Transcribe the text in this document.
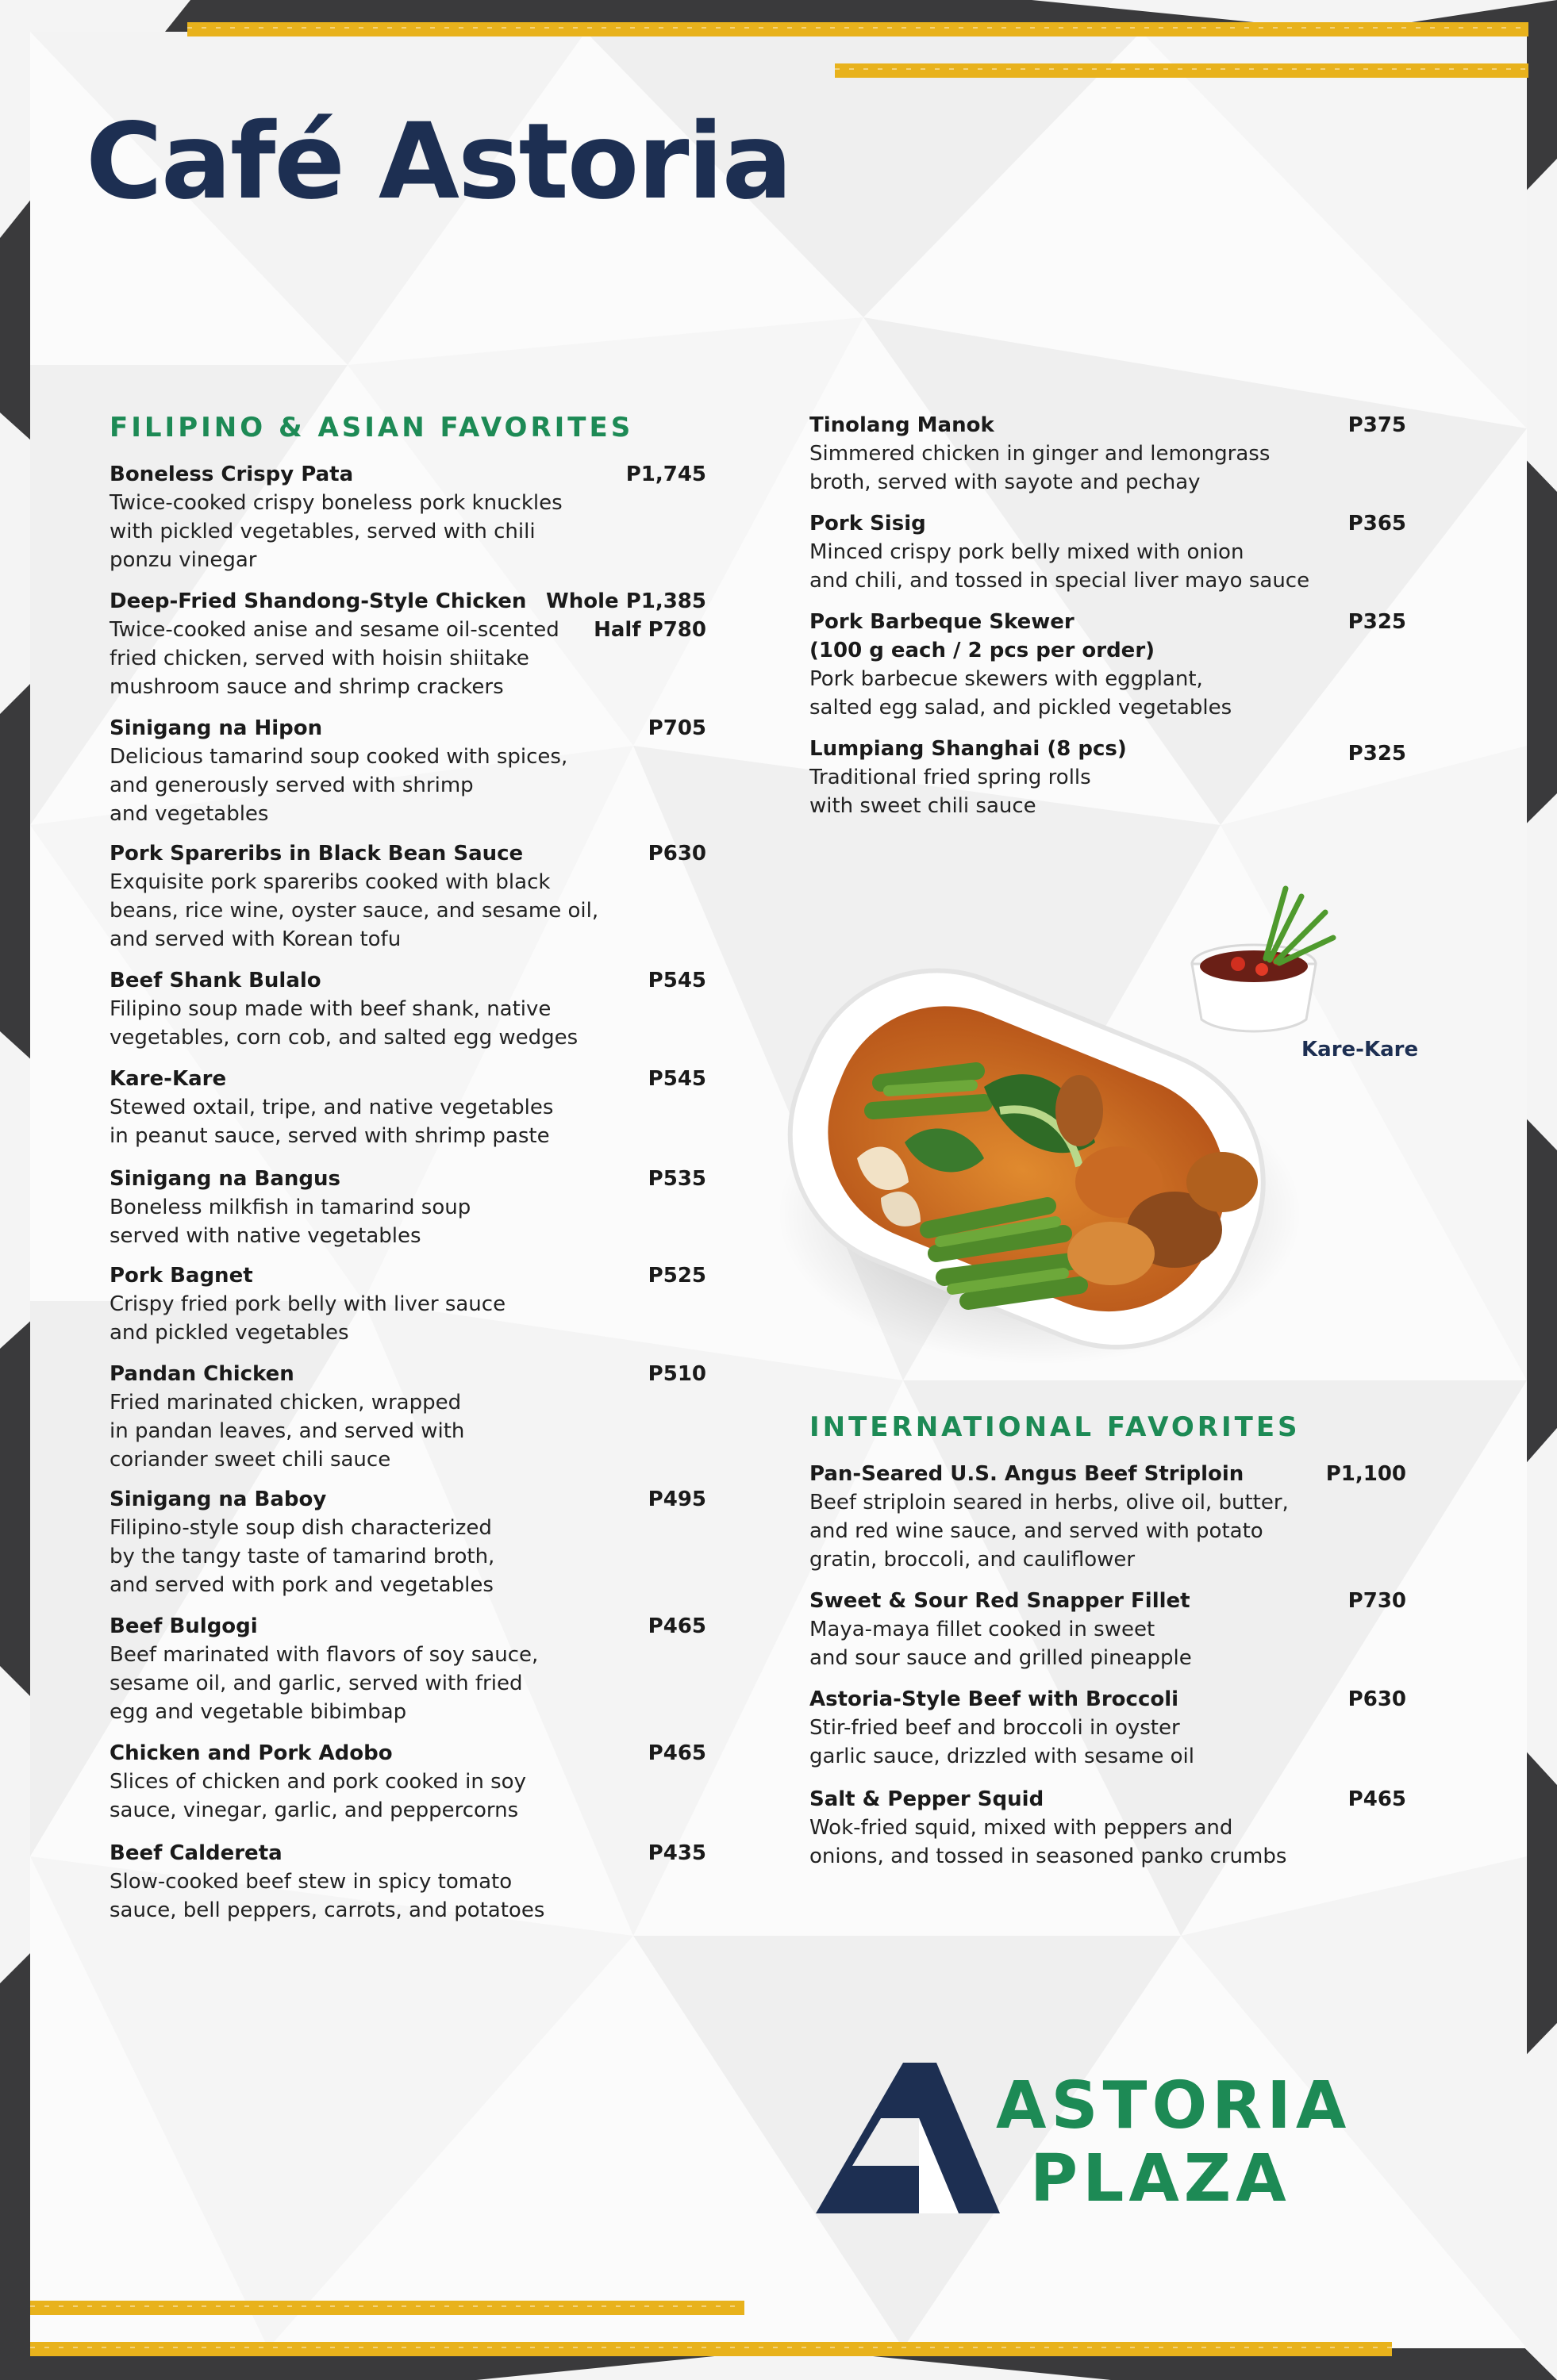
Café Astoria
FILIPINO & ASIAN FAVORITES
Boneless Crispy Pata
Twice-cooked crispy boneless pork knuckles
with pickled vegetables, served with chili
ponzu vinegar
P1,745
Deep-Fried Shandong-Style Chicken
Twice-cooked anise and sesame oil-scented
fried chicken, served with hoisin shiitake
mushroom sauce and shrimp crackers
Whole P1,385
Half P780
Sinigang na Hipon
Delicious tamarind soup cooked with spices,
and generously served with shrimp
and vegetables
P705
Pork Spareribs in Black Bean Sauce
Exquisite pork spareribs cooked with black
beans, rice wine, oyster sauce, and sesame oil,
and served with Korean tofu
P630
Beef Shank Bulalo
Filipino soup made with beef shank, native
vegetables, corn cob, and salted egg wedges
P545
Kare-Kare
Stewed oxtail, tripe, and native vegetables
in peanut sauce, served with shrimp paste
P545
Sinigang na Bangus
Boneless milkfish in tamarind soup
served with native vegetables
P535
Pork Bagnet
Crispy fried pork belly with liver sauce
and pickled vegetables
P525
Pandan Chicken
Fried marinated chicken, wrapped
in pandan leaves, and served with
coriander sweet chili sauce
P510
Sinigang na Baboy
Filipino-style soup dish characterized
by the tangy taste of tamarind broth,
and served with pork and vegetables
P495
Beef Bulgogi
Beef marinated with flavors of soy sauce,
sesame oil, and garlic, served with fried
egg and vegetable bibimbap
P465
Chicken and Pork Adobo
Slices of chicken and pork cooked in soy
sauce, vinegar, garlic, and peppercorns
P465
Beef Caldereta
Slow-cooked beef stew in spicy tomato
sauce, bell peppers, carrots, and potatoes
P435
Tinolang Manok
Simmered chicken in ginger and lemongrass
broth, served with sayote and pechay
P375
Pork Sisig
Minced crispy pork belly mixed with onion
and chili, and tossed in special liver mayo sauce
P365
Pork Barbeque Skewer
(100 g each / 2 pcs per order)
Pork barbecue skewers with eggplant,
salted egg salad, and pickled vegetables
P325
Lumpiang Shanghai (8 pcs)
Traditional fried spring rolls
with sweet chili sauce
P325
Kare-Kare
INTERNATIONAL FAVORITES
Pan-Seared U.S. Angus Beef Striploin
Beef striploin seared in herbs, olive oil, butter,
and red wine sauce, and served with potato
gratin, broccoli, and cauliflower
P1,100
Sweet & Sour Red Snapper Fillet
Maya-maya fillet cooked in sweet
and sour sauce and grilled pineapple
P730
Astoria-Style Beef with Broccoli
Stir-fried beef and broccoli in oyster
garlic sauce, drizzled with sesame oil
P630
Salt & Pepper Squid
Wok-fried squid, mixed with peppers and
onions, and tossed in seasoned panko crumbs
P465
ASTORIA
PLAZA
